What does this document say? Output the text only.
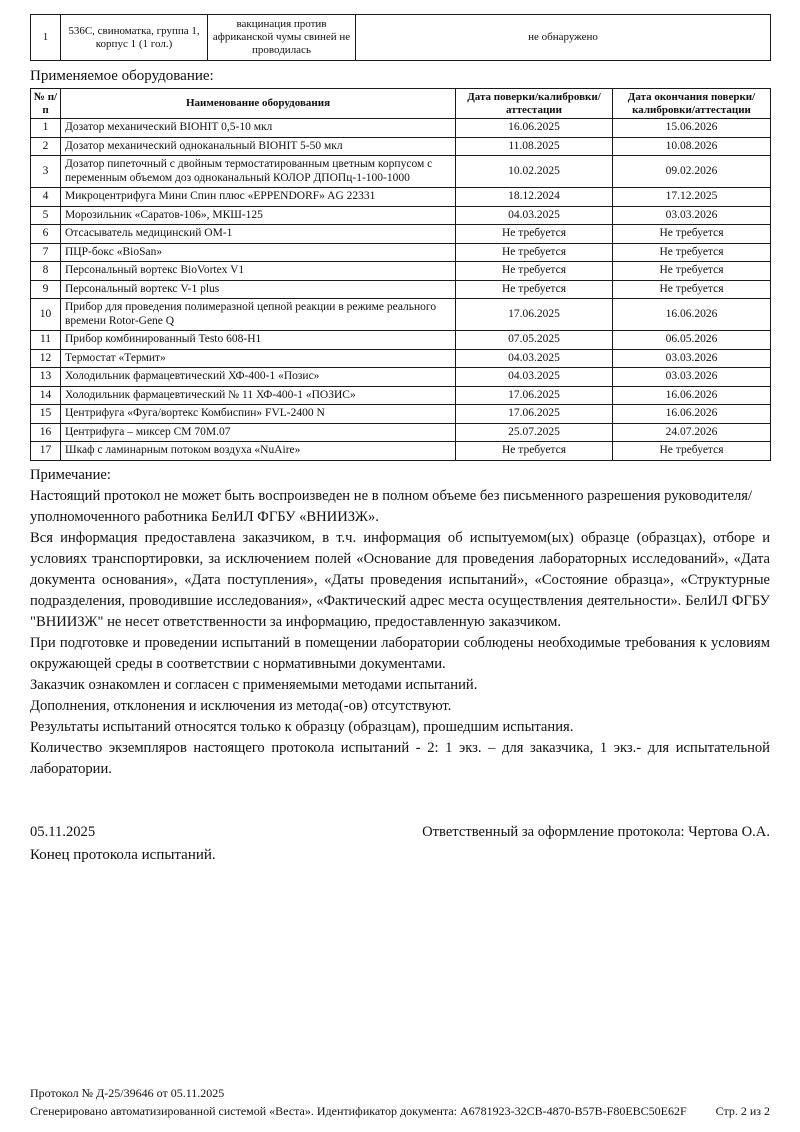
1	536С, свиноматка, группа 1, корпус 1 (1 гол.)	вакцинация против африканской чумы свиней не проводилась	не обнаружено
Применяемое оборудование:
№ п/п	Наименование оборудования	Дата поверки/калибровки/аттестации	Дата окончания поверки/калибровки/аттестации
1	Дозатор механический BIOHIT 0,5-10 мкл	16.06.2025	15.06.2026
2	Дозатор механический одноканальный BIOHIT 5-50 мкл	11.08.2025	10.08.2026
3	Дозатор пипеточный с двойным термостатированным цветным корпусом с переменным объемом доз одноканальный КОЛОР ДПОПц-1-100-1000	10.02.2025	09.02.2026
4	Микроцентрифуга Мини Спин плюс «EPPENDORF» AG 22331	18.12.2024	17.12.2025
5	Морозильник «Саратов-106», МКШ-125	04.03.2025	03.03.2026
6	Отсасыватель медицинский ОМ-1	Не требуется	Не требуется
7	ПЦР-бокс «BioSan»	Не требуется	Не требуется
8	Персональный вортекс BioVortex V1	Не требуется	Не требуется
9	Персональный вортекс V-1 plus	Не требуется	Не требуется
10	Прибор для проведения полимеразной цепной реакции в режиме реального времени Rotor-Gene Q	17.06.2025	16.06.2026
11	Прибор комбинированный Testo 608-H1	07.05.2025	06.05.2026
12	Термостат «Термит»	04.03.2025	03.03.2026
13	Холодильник фармацевтический ХФ-400-1 «Позис»	04.03.2025	03.03.2026
14	Холодильник фармацевтический № 11 ХФ-400-1 «ПОЗИС»	17.06.2025	16.06.2026
15	Центрифуга «Фуга/вортекс Комбиспин» FVL-2400 N	17.06.2025	16.06.2026
16	Центрифуга – миксер СМ 70М.07	25.07.2025	24.07.2026
17	Шкаф с ламинарным потоком воздуха «NuAire»	Не требуется	Не требуется
Примечание:
Настоящий протокол не может быть воспроизведен не в полном объеме без письменного разрешения руководителя/уполномоченного работника БелИЛ ФГБУ «ВНИИЗЖ».
Вся информация предоставлена заказчиком, в т.ч. информация об испытуемом(ых) образце (образцах), отборе и условиях транспортировки, за исключением полей «Основание для проведения лабораторных исследований», «Дата документа основания», «Дата поступления», «Даты проведения испытаний», «Состояние образца», «Структурные подразделения, проводившие исследования», «Фактический адрес места осуществления деятельности». БелИЛ ФГБУ "ВНИИЗЖ" не несет ответственности за информацию, предоставленную заказчиком.
При подготовке и проведении испытаний в помещении лаборатории соблюдены необходимые требования к условиям окружающей среды в соответствии с нормативными документами.
Заказчик ознакомлен и согласен с применяемыми методами испытаний.
Дополнения, отклонения и исключения из метода(-ов) отсутствуют.
Результаты испытаний относятся только к образцу (образцам), прошедшим испытания.
Количество экземпляров настоящего протокола испытаний - 2: 1 экз. – для заказчика, 1 экз.- для испытательной лаборатории.
05.11.2025	Ответственный за оформление протокола: Чертова О.А.
Конец протокола испытаний.
Протокол № Д-25/39646 от 05.11.2025
Сгенерировано автоматизированной системой «Веста». Идентификатор документа: A6781923-32CB-4870-B57B-F80EBC50E62F Стр. 2 из 2
